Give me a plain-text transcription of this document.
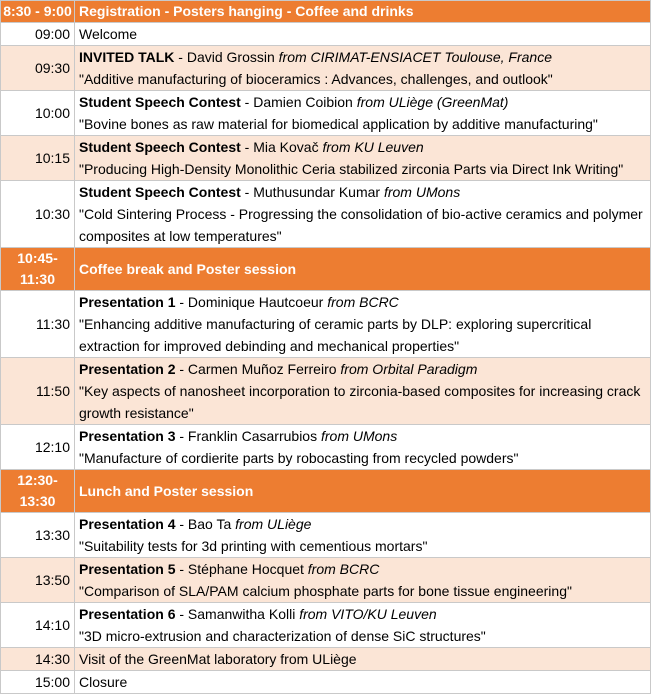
8:30 - 9:00	Registration - Posters hanging - Coffee and drinks
09:00	Welcome
09:30	INVITED TALK - David Grossin from CIRIMAT-ENSIACET Toulouse, France
"Additive manufacturing of bioceramics : Advances, challenges, and outlook"
10:00	Student Speech Contest - Damien Coibion from ULiège (GreenMat)
"Bovine bones as raw material for biomedical application by additive manufacturing"
10:15	Student Speech Contest - Mia Kovač from KU Leuven
"Producing High-Density Monolithic Ceria stabilized zirconia Parts via Direct Ink Writing"
10:30	Student Speech Contest - Muthusundar Kumar from UMons
"Cold Sintering Process - Progressing the consolidation of bio-active ceramics and polymer composites at low temperatures"
10:45-11:30	Coffee break and Poster session
11:30	Presentation 1 - Dominique Hautcoeur from BCRC
"Enhancing additive manufacturing of ceramic parts by DLP: exploring supercritical extraction for improved debinding and mechanical properties"
11:50	Presentation 2 - Carmen Muñoz Ferreiro from Orbital Paradigm
"Key aspects of nanosheet incorporation to zirconia-based composites for increasing crack growth resistance"
12:10	Presentation 3 - Franklin Casarrubios from UMons
"Manufacture of cordierite parts by robocasting from recycled powders"
12:30-13:30	Lunch and Poster session
13:30	Presentation 4 - Bao Ta from ULiège
"Suitability tests for 3d printing with cementious mortars"
13:50	Presentation 5 - Stéphane Hocquet from BCRC
"Comparison of SLA/PAM calcium phosphate parts for bone tissue engineering"
14:10	Presentation 6 - Samanwitha Kolli from VITO/KU Leuven
"3D micro-extrusion and characterization of dense SiC structures"
14:30	Visit of the GreenMat laboratory from ULiège
15:00	Closure
